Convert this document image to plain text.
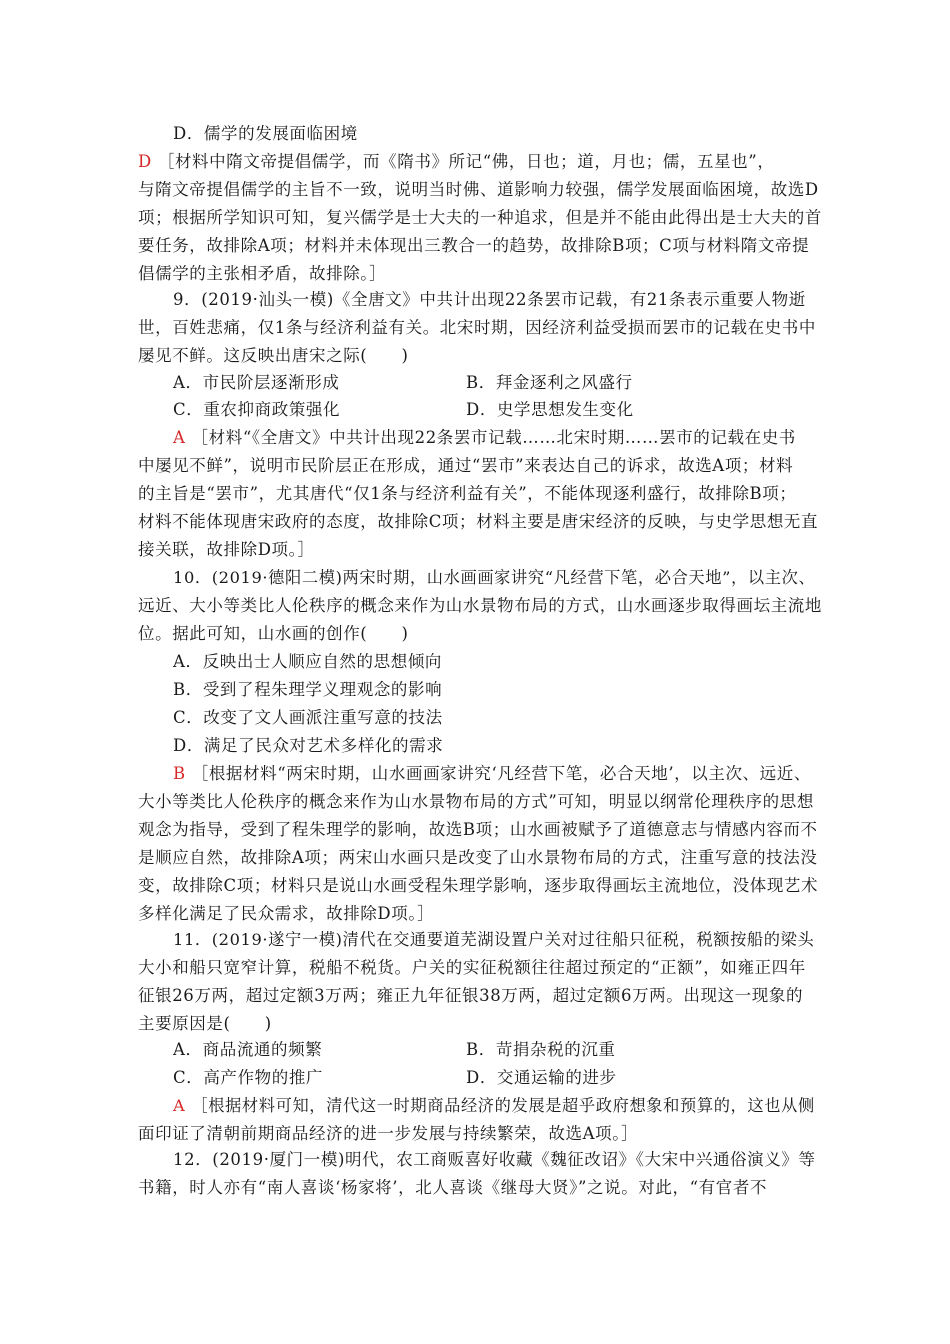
D．儒学的发展面临困境
D ［材料中隋文帝提倡儒学，而《隋书》所记“佛，日也；道，月也；儒，五星也”，
与隋文帝提倡儒学的主旨不一致，说明当时佛、道影响力较强，儒学发展面临困境，故选D
项；根据所学知识可知，复兴儒学是士大夫的一种追求，但是并不能由此得出是士大夫的首
要任务，故排除A项；材料并未体现出三教合一的趋势，故排除B项；C项与材料隋文帝提
倡儒学的主张相矛盾，故排除。］
9．(2019·汕头一模)《全唐文》中共计出现22条罢市记载，有21条表示重要人物逝
世，百姓悲痛，仅1条与经济利益有关。北宋时期，因经济利益受损而罢市的记载在史书中
屡见不鲜。这反映出唐宋之际(　　)
A．市民阶层逐渐形成	B．拜金逐利之风盛行
C．重农抑商政策强化	D．史学思想发生变化
A ［材料“《全唐文》中共计出现22条罢市记载……北宋时期……罢市的记载在史书
中屡见不鲜”，说明市民阶层正在形成，通过“罢市”来表达自己的诉求，故选A项；材料
的主旨是“罢市”，尤其唐代“仅1条与经济利益有关”，不能体现逐利盛行，故排除B项；
材料不能体现唐宋政府的态度，故排除C项；材料主要是唐宋经济的反映，与史学思想无直
接关联，故排除D项。］
10．(2019·德阳二模)两宋时期，山水画画家讲究“凡经营下笔，必合天地”，以主次、
远近、大小等类比人伦秩序的概念来作为山水景物布局的方式，山水画逐步取得画坛主流地
位。据此可知，山水画的创作(　　)
A．反映出士人顺应自然的思想倾向
B．受到了程朱理学义理观念的影响
C．改变了文人画派注重写意的技法
D．满足了民众对艺术多样化的需求
B ［根据材料“两宋时期，山水画画家讲究‘凡经营下笔，必合天地’，以主次、远近、
大小等类比人伦秩序的概念来作为山水景物布局的方式”可知，明显以纲常伦理秩序的思想
观念为指导，受到了程朱理学的影响，故选B项；山水画被赋予了道德意志与情感内容而不
是顺应自然，故排除A项；两宋山水画只是改变了山水景物布局的方式，注重写意的技法没
变，故排除C项；材料只是说山水画受程朱理学影响，逐步取得画坛主流地位，没体现艺术
多样化满足了民众需求，故排除D项。］
11．(2019·遂宁一模)清代在交通要道芜湖设置户关对过往船只征税，税额按船的梁头
大小和船只宽窄计算，税船不税货。户关的实征税额往往超过预定的“正额”，如雍正四年
征银26万两，超过定额3万两；雍正九年征银38万两，超过定额6万两。出现这一现象的
主要原因是(　　)
A．商品流通的频繁	B．苛捐杂税的沉重
C．高产作物的推广	D．交通运输的进步
A ［根据材料可知，清代这一时期商品经济的发展是超乎政府想象和预算的，这也从侧
面印证了清朝前期商品经济的进一步发展与持续繁荣，故选A项。］
12．(2019·厦门一模)明代，农工商贩喜好收藏《魏征改诏》《大宋中兴通俗演义》等
书籍，时人亦有“南人喜谈‘杨家将’，北人喜谈《继母大贤》”之说。对此，“有官者不
